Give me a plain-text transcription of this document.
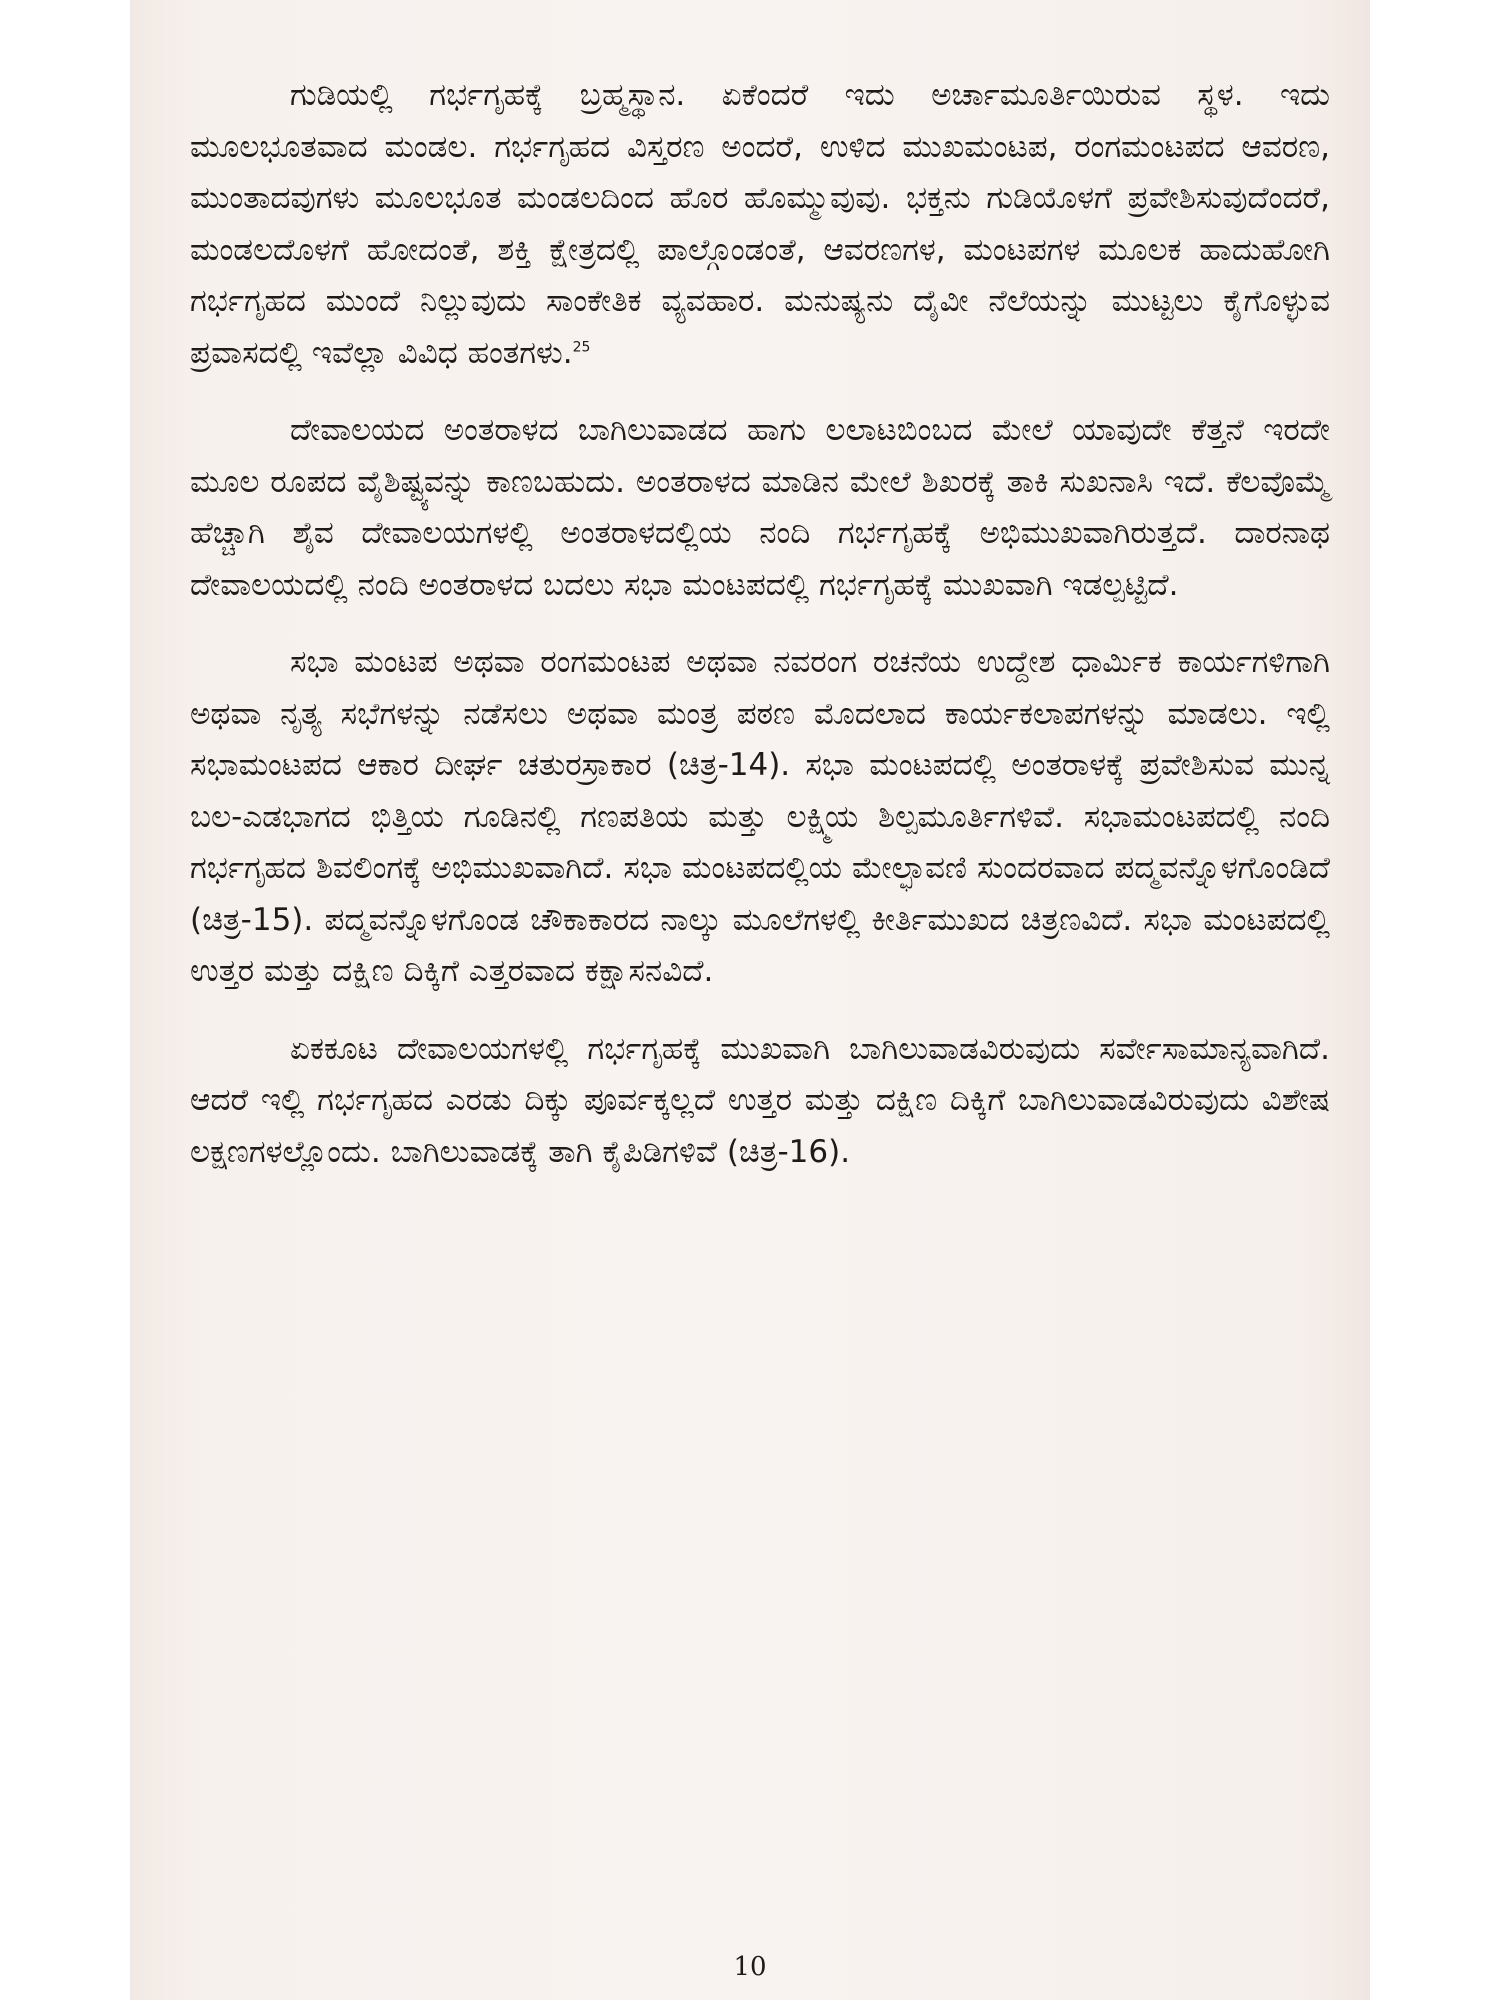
ಗುಡಿಯಲ್ಲಿ ಗರ್ಭಗೃಹಕ್ಕೆ ಬ್ರಹ್ಮಸ್ಥಾನ. ಏಕೆಂದರೆ ಇದು ಅರ್ಚಾಮೂರ್ತಿಯಿರುವ ಸ್ಥಳ. ಇದು ಮೂಲಭೂತವಾದ ಮಂಡಲ. ಗರ್ಭಗೃಹದ ವಿಸ್ತರಣ ಅಂದರೆ, ಉಳಿದ ಮುಖಮಂಟಪ, ರಂಗಮಂಟಪದ ಆವರಣ, ಮುಂತಾದವುಗಳು ಮೂಲಭೂತ ಮಂಡಲದಿಂದ ಹೊರ ಹೊಮ್ಮುವುವು. ಭಕ್ತನು ಗುಡಿಯೊಳಗೆ ಪ್ರವೇಶಿಸುವುದೆಂದರೆ, ಮಂಡಲದೊಳಗೆ ಹೋದಂತೆ, ಶಕ್ತಿ ಕ್ಷೇತ್ರದಲ್ಲಿ ಪಾಲ್ಗೊಂಡಂತೆ, ಆವರಣಗಳ, ಮಂಟಪಗಳ ಮೂಲಕ ಹಾದುಹೋಗಿ ಗರ್ಭಗೃಹದ ಮುಂದೆ ನಿಲ್ಲುವುದು ಸಾಂಕೇತಿಕ ವ್ಯವಹಾರ. ಮನುಷ್ಯನು ದೈವೀ ನೆಲೆಯನ್ನು ಮುಟ್ಟಲು ಕೈಗೊಳ್ಳುವ ಪ್ರವಾಸದಲ್ಲಿ ಇವೆಲ್ಲಾ ವಿವಿಧ ಹಂತಗಳು.$^{25}$

ದೇವಾಲಯದ ಅಂತರಾಳದ ಬಾಗಿಲುವಾಡದ ಹಾಗು ಲಲಾಟಬಿಂಬದ ಮೇಲೆ ಯಾವುದೇ ಕೆತ್ತನೆ ಇರದೇ ಮೂಲ ರೂಪದ ವೈಶಿಷ್ಟ್ಯವನ್ನು ಕಾಣಬಹುದು. ಅಂತರಾಳದ ಮಾಡಿನ ಮೇಲೆ ಶಿಖರಕ್ಕೆ ತಾಕಿ ಸುಖನಾಸಿ ಇದೆ. ಕೆಲವೊಮ್ಮೆ ಹೆಚ್ಚಾಗಿ ಶೈವ ದೇವಾಲಯಗಳಲ್ಲಿ ಅಂತರಾಳದಲ್ಲಿಯ ನಂದಿ ಗರ್ಭಗೃಹಕ್ಕೆ ಅಭಿಮುಖವಾಗಿರುತ್ತದೆ. ದಾರನಾಥ ದೇವಾಲಯದಲ್ಲಿ ನಂದಿ ಅಂತರಾಳದ ಬದಲು ಸಭಾ ಮಂಟಪದಲ್ಲಿ ಗರ್ಭಗೃಹಕ್ಕೆ ಮುಖವಾಗಿ ಇಡಲ್ಪಟ್ಟಿದೆ.

ಸಭಾ ಮಂಟಪ ಅಥವಾ ರಂಗಮಂಟಪ ಅಥವಾ ನವರಂಗ ರಚನೆಯ ಉದ್ದೇಶ ಧಾರ್ಮಿಕ ಕಾರ್ಯಗಳಿಗಾಗಿ ಅಥವಾ ನೃತ್ಯ ಸಭೆಗಳನ್ನು ನಡೆಸಲು ಅಥವಾ ಮಂತ್ರ ಪಠಣ ಮೊದಲಾದ ಕಾರ್ಯಕಲಾಪಗಳನ್ನು ಮಾಡಲು. ಇಲ್ಲಿ ಸಭಾಮಂಟಪದ ಆಕಾರ ದೀರ್ಘ ಚತುರಸ್ರಾಕಾರ (ಚಿತ್ರ-14). ಸಭಾ ಮಂಟಪದಲ್ಲಿ ಅಂತರಾಳಕ್ಕೆ ಪ್ರವೇಶಿಸುವ ಮುನ್ನ ಬಲ-ಎಡಭಾಗದ ಭಿತ್ತಿಯ ಗೂಡಿನಲ್ಲಿ ಗಣಪತಿಯ ಮತ್ತು ಲಕ್ಷ್ಮಿಯ ಶಿಲ್ಪಮೂರ್ತಿಗಳಿವೆ. ಸಭಾಮಂಟಪದಲ್ಲಿ ನಂದಿ ಗರ್ಭಗೃಹದ ಶಿವಲಿಂಗಕ್ಕೆ ಅಭಿಮುಖವಾಗಿದೆ. ಸಭಾ ಮಂಟಪದಲ್ಲಿಯ ಮೇಲ್ಛಾವಣಿ ಸುಂದರವಾದ ಪದ್ಮವನ್ನೊಳಗೊಂಡಿದೆ (ಚಿತ್ರ-15). ಪದ್ಮವನ್ನೊಳಗೊಂಡ ಚೌಕಾಕಾರದ ನಾಲ್ಕು ಮೂಲೆಗಳಲ್ಲಿ ಕೀರ್ತಿಮುಖದ ಚಿತ್ರಣವಿದೆ. ಸಭಾ ಮಂಟಪದಲ್ಲಿ ಉತ್ತರ ಮತ್ತು ದಕ್ಷಿಣ ದಿಕ್ಕಿಗೆ ಎತ್ತರವಾದ ಕಕ್ಷಾಸನವಿದೆ.

ಏಕಕೂಟ ದೇವಾಲಯಗಳಲ್ಲಿ ಗರ್ಭಗೃಹಕ್ಕೆ ಮುಖವಾಗಿ ಬಾಗಿಲುವಾಡವಿರುವುದು ಸರ್ವೇಸಾಮಾನ್ಯವಾಗಿದೆ. ಆದರೆ ಇಲ್ಲಿ ಗರ್ಭಗೃಹದ ಎರಡು ದಿಕ್ಕು ಪೂರ್ವಕ್ಕಲ್ಲದೆ ಉತ್ತರ ಮತ್ತು ದಕ್ಷಿಣ ದಿಕ್ಕಿಗೆ ಬಾಗಿಲುವಾಡವಿರುವುದು ವಿಶೇಷ ಲಕ್ಷಣಗಳಲ್ಲೊಂದು. ಬಾಗಿಲುವಾಡಕ್ಕೆ ತಾಗಿ ಕೈಪಿಡಿಗಳಿವೆ (ಚಿತ್ರ-16).

10
